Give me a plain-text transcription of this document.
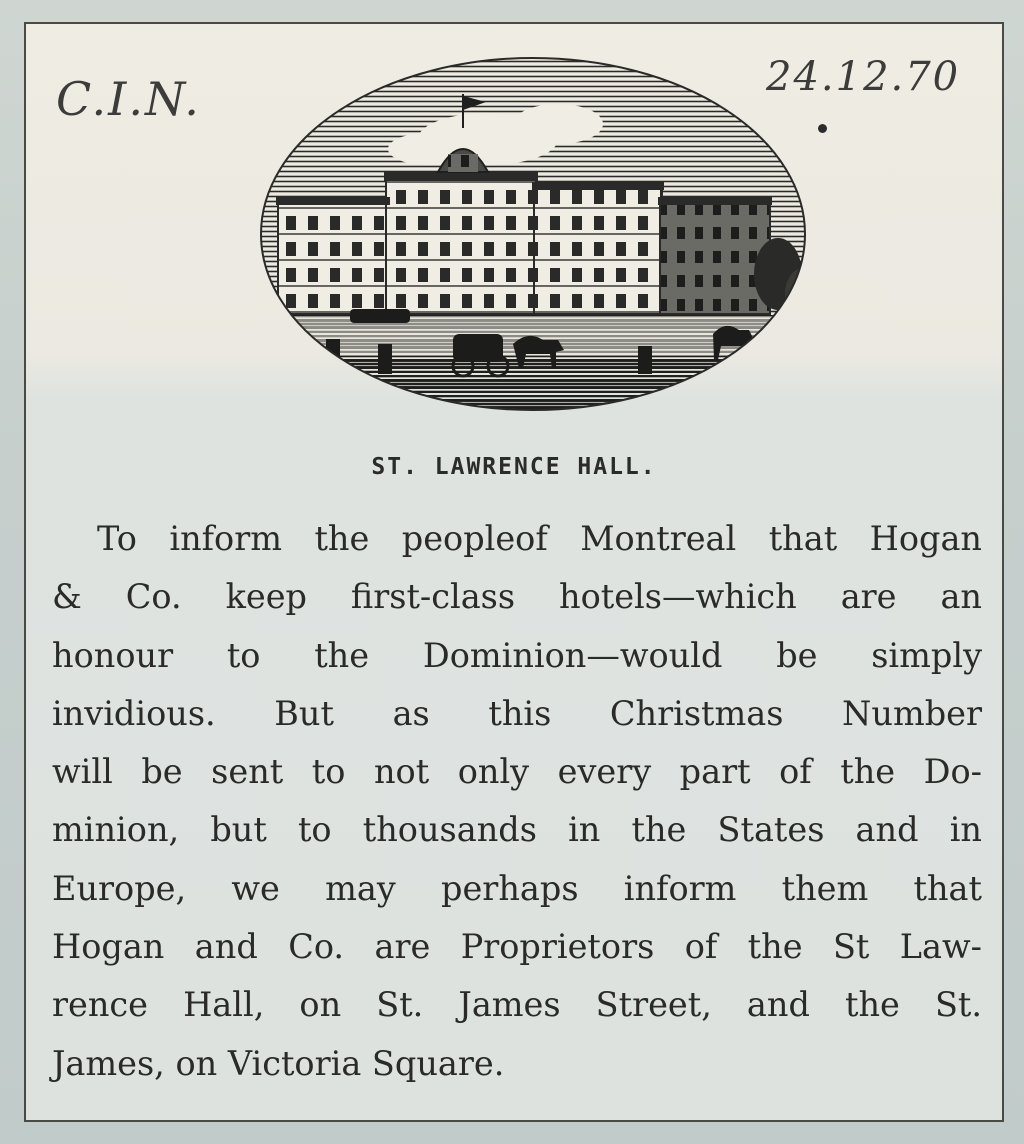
C.I.N.	24.12.70
ST. LAWRENCE HALL.
To inform the peopleof Montreal that Hogan
& Co. keep first-class hotels—which are an
honour to the Dominion—would be simply
invidious. But as this Christmas Number
will be sent to not only every part of the Do-
minion, but to thousands in the States and in
Europe, we may perhaps inform them that
Hogan and Co. are Proprietors of the St Law-
rence Hall, on St. James Street, and the St.
James, on Victoria Square.
